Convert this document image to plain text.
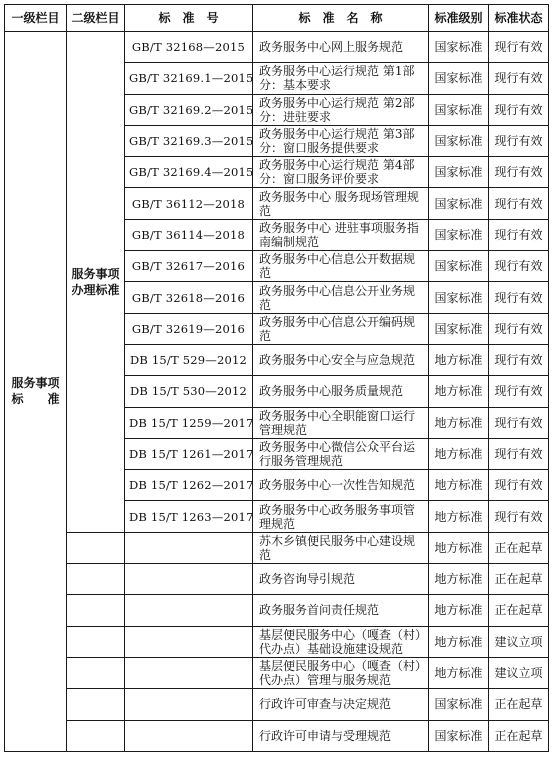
一级栏目	二级栏目	标　准　号	标　准　名　称	标准级别	标准状态
服务事项标　　准	服务事项办理标准	GB/T 32168—2015	政务服务中心网上服务规范	国家标准	现行有效
		GB/T 32169.1—2015	政务服务中心运行规范 第1部分：基本要求	国家标准	现行有效
		GB/T 32169.2—2015	政务服务中心运行规范 第2部分：进驻要求	国家标准	现行有效
		GB/T 32169.3—2015	政务服务中心运行规范 第3部分：窗口服务提供要求	国家标准	现行有效
		GB/T 32169.4—2015	政务服务中心运行规范 第4部分：窗口服务评价要求	国家标准	现行有效
		GB/T 36112—2018	政务服务中心 服务现场管理规范	国家标准	现行有效
		GB/T 36114—2018	政务服务中心 进驻事项服务指南编制规范	国家标准	现行有效
		GB/T 32617—2016	政务服务中心信息公开数据规范	国家标准	现行有效
		GB/T 32618—2016	政务服务中心信息公开业务规范	国家标准	现行有效
		GB/T 32619—2016	政务服务中心信息公开编码规范	国家标准	现行有效
		DB 15/T 529—2012	政务服务中心安全与应急规范	地方标准	现行有效
		DB 15/T 530—2012	政务服务中心服务质量规范	地方标准	现行有效
		DB 15/T 1259—2017	政务服务中心全职能窗口运行管理规范	地方标准	现行有效
		DB 15/T 1261—2017	政务服务中心微信公众平台运行服务管理规范	地方标准	现行有效
		DB 15/T 1262—2017	政务服务中心一次性告知规范	地方标准	现行有效
		DB 15/T 1263—2017	政务服务中心政务服务事项管理规范	地方标准	现行有效
			苏木乡镇便民服务中心建设规范	地方标准	正在起草
			政务咨询导引规范	地方标准	正在起草
			政务服务首问责任规范	地方标准	正在起草
			基层便民服务中心（嘎查（村）代办点）基础设施建设规范	地方标准	建议立项
			基层便民服务中心（嘎查（村）代办点）管理与服务规范	地方标准	建议立项
			行政许可审查与决定规范	国家标准	正在起草
			行政许可申请与受理规范	国家标准	正在起草
